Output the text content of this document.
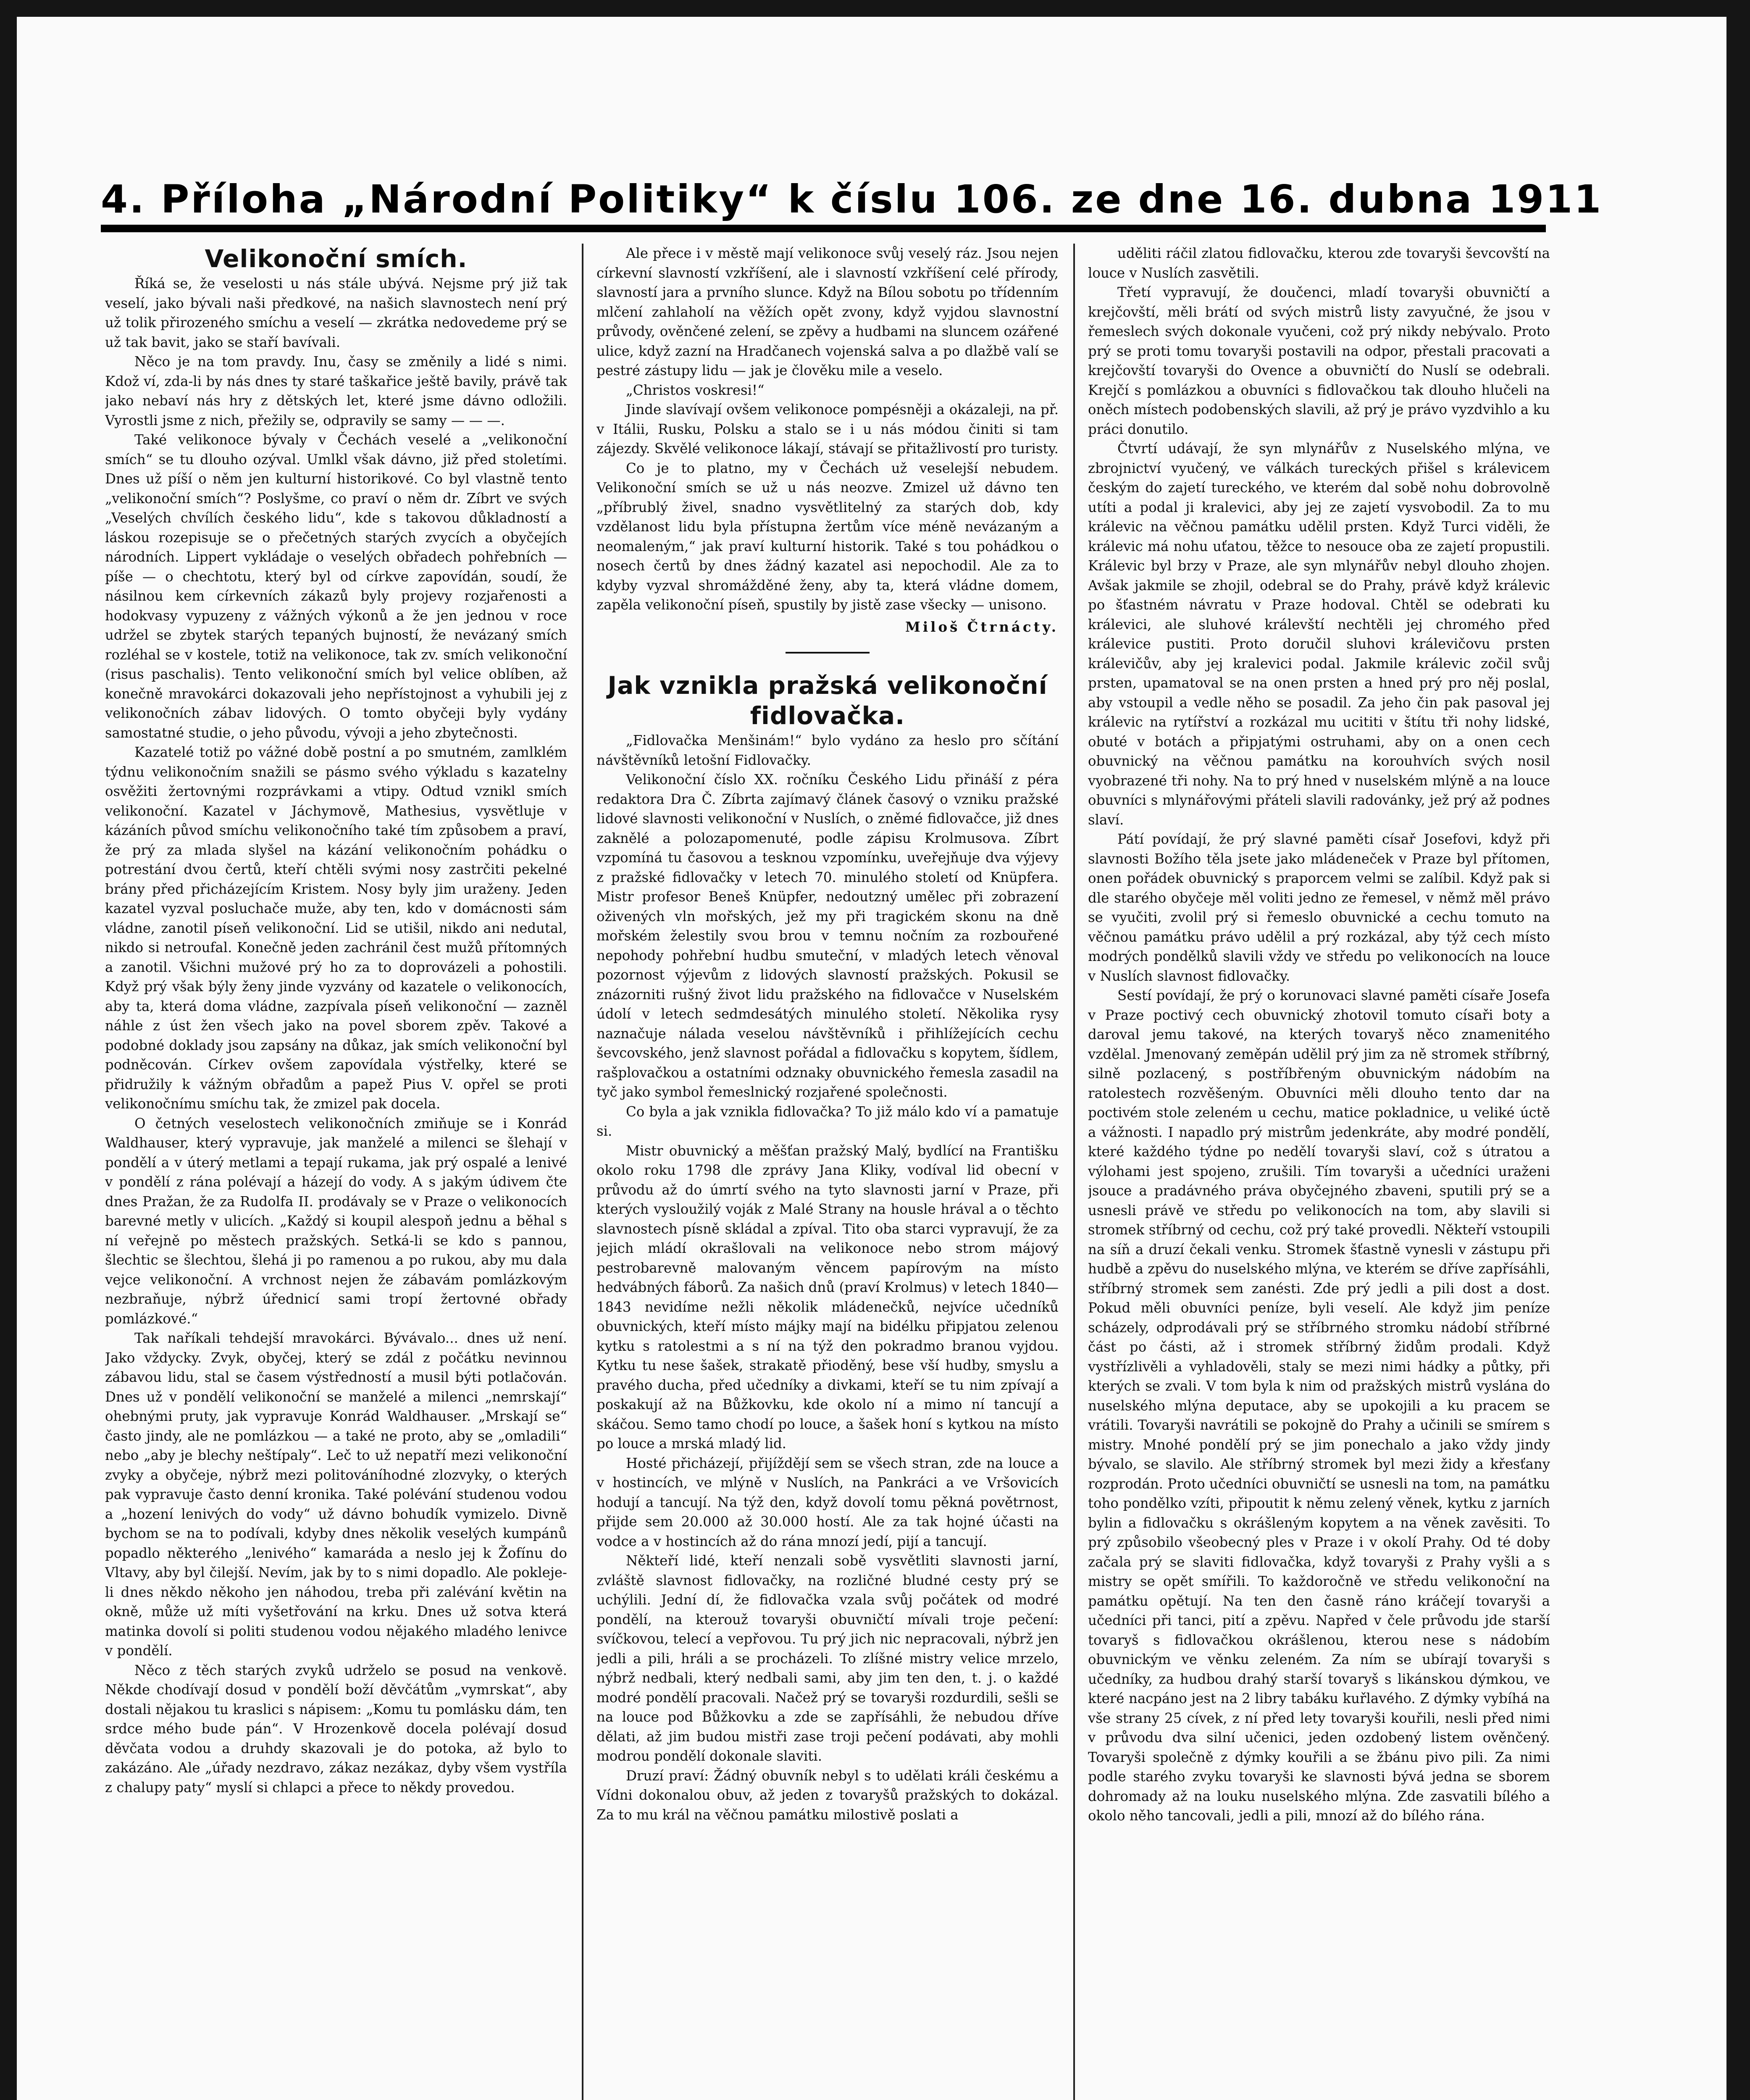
4. Příloha „Národní Politiky“ k číslu 106. ze dne 16. dubna 1911

Velikonoční smích.

Říká se, že veselosti u nás stále ubývá. Nejsme prý již tak veselí, jako bývali naši předkové, na našich slavnostech není prý už tolik přirozeného smíchu a veselí — zkrátka nedovedeme prý se už tak bavit, jako se staří bavívali.

Něco je na tom pravdy. Inu, časy se změnily a lidé s nimi. Kdož ví, zda-li by nás dnes ty staré taškařice ještě bavily, právě tak jako nebaví nás hry z dětských let, které jsme dávno odložili. Vyrostli jsme z nich, přežily se, odpravily se samy — — —.

Také velikonoce bývaly v Čechách veselé a „velikonoční smích“ se tu dlouho ozýval. Umlkl však dávno, již před stoletími. Dnes už píší o něm jen kulturní historikové. Co byl vlastně tento „velikonoční smích“? Poslyšme, co praví o něm dr. Zíbrt ve svých „Veselých chvílích českého lidu“, kde s takovou důkladností a láskou rozepisuje se o přečetných starých zvycích a obyčejích národních. Lippert vykládaje o veselých obřadech pohřebních — píše — o chechtotu, který byl od církve zapovídán, soudí, že násilnou kem církevních zákazů byly projevy rozjařenosti a hodokvasy vypuzeny z vážných výkonů a že jen jednou v roce udržel se zbytek starých tepaných bujností, že nevázaný smích rozléhal se v kostele, totiž na velikonoce, tak zv. smích velikonoční (risus paschalis). Tento velikonoční smích byl velice oblíben, až konečně mravokárci dokazovali jeho nepřístojnost a vyhubili jej z velikonočních zábav lidových. O tomto obyčeji byly vydány samostatné studie, o jeho původu, vývoji a jeho zbytečnosti.

Kazatelé totiž po vážné době postní a po smutném, zamlklém týdnu velikonočním snažili se pásmo svého výkladu s kazatelny osvěžiti žertovnými rozprávkami a vtipy. Odtud vznikl smích velikonoční. Kazatel v Jáchymově, Mathesius, vysvětluje v kázáních původ smíchu velikonočního také tím způsobem a praví, že prý za mlada slyšel na kázání velikonočním pohádku o potrestání dvou čertů, kteří chtěli svými nosy zastrčiti pekelné brány před přicházejícím Kristem. Nosy byly jim uraženy. Jeden kazatel vyzval posluchače muže, aby ten, kdo v domácnosti sám vládne, zanotil píseň velikonoční. Lid se utišil, nikdo ani nedutal, nikdo si netroufal. Konečně jeden zachránil čest mužů přítomných a zanotil. Všichni mužové prý ho za to doprovázeli a pohostili. Když prý však býly ženy jinde vyzvány od kazatele o velikonocích, aby ta, která doma vládne, zazpívala píseň velikonoční — zazněl náhle z úst žen všech jako na povel sborem zpěv. Takové a podobné doklady jsou zapsány na důkaz, jak smích velikonoční byl podněcován. Církev ovšem zapovídala výstřelky, které se přidružily k vážným obřadům a papež Pius V. opřel se proti velikonočnímu smíchu tak, že zmizel pak docela.

O četných veselostech velikonočních zmiňuje se i Konrád Waldhauser, který vypravuje, jak manželé a milenci se šlehají v pondělí a v úterý metlami a tepají rukama, jak prý ospalé a lenivé v pondělí z rána polévají a házejí do vody. A s jakým údivem čte dnes Pražan, že za Rudolfa II. prodávaly se v Praze o velikonocích barevné metly v ulicích. „Každý si koupil alespoň jednu a běhal s ní veřejně po městech pražských. Setká-li se kdo s pannou, šlechtic se šlechtou, šlehá ji po ramenou a po rukou, aby mu dala vejce velikonoční. A vrchnost nejen že zábavám pomlázkovým nezbraňuje, nýbrž úřednicí sami tropí žertovné obřady pomlázkové.“

Tak naříkali tehdejší mravokárci. Bývávalo... dnes už není. Jako vždycky. Zvyk, obyčej, který se zdál z počátku nevinnou zábavou lidu, stal se časem výstředností a musil býti potlačován. Dnes už v pondělí velikonoční se manželé a milenci „nemrskají“ ohebnými pruty, jak vypravuje Konrád Waldhauser. „Mrskají se“ často jindy, ale ne pomlázkou — a také ne proto, aby se „omladili“ nebo „aby je blechy neštípaly“. Leč to už nepatří mezi velikonoční zvyky a obyčeje, nýbrž mezi politováníhodné zlozvyky, o kterých pak vypravuje často denní kronika. Také polévání studenou vodou a „hození lenivých do vody“ už dávno bohudík vymizelo. Divně bychom se na to podívali, kdyby dnes několik veselých kumpánů popadlo některého „lenivého“ kamaráda a neslo jej k Žofínu do Vltavy, aby byl čilejší. Nevím, jak by to s nimi dopadlo. Ale pokleje-li dnes někdo někoho jen náhodou, treba při zalévání květin na okně, může už míti vyšetřování na krku. Dnes už sotva která matinka dovolí si politi studenou vodou nějakého mladého lenivce v pondělí.

Něco z těch starých zvyků udrželo se posud na venkově. Někde chodívají dosud v pondělí boží děvčátům „vymrskat“, aby dostali nějakou tu kraslici s nápisem: „Komu tu pomlásku dám, ten srdce mého bude pán“. V Hrozenkově docela polévají dosud děvčata vodou a druhdy skazovali je do potoka, až bylo to zakázáno. Ale „úřady nezdravo, zákaz nezákaz, dyby všem vystříla z chalupy paty“ myslí si chlapci a přece to někdy provedou.

Ale přece i v městě mají velikonoce svůj veselý ráz. Jsou nejen církevní slavností vzkříšení, ale i slavností vzkříšení celé přírody, slavností jara a prvního slunce. Když na Bílou sobotu po třídenním mlčení zahlaholí na věžích opět zvony, když vyjdou slavnostní průvody, ověnčené zelení, se zpěvy a hudbami na sluncem ozářené ulice, když zazní na Hradčanech vojenská salva a po dlažbě valí se pestré zástupy lidu — jak je člověku mile a veselo.

„Christos voskresi!“

Jinde slavívají ovšem velikonoce pompésněji a okázaleji, na př. v Itálii, Rusku, Polsku a stalo se i u nás módou činiti si tam zájezdy. Skvělé velikonoce lákají, stávají se přitažlivostí pro turisty.

Co je to platno, my v Čechách už veselejší nebudem. Velikonoční smích se už u nás neozve. Zmizel už dávno ten „příbrublý živel, snadno vysvětlitelný za starých dob, kdy vzdělanost lidu byla přístupna žertům více méně nevázaným a neomaleným,“ jak praví kulturní historik. Také s tou pohádkou o nosech čertů by dnes žádný kazatel asi nepochodil. Ale za to kdyby vyzval shromážděné ženy, aby ta, která vládne domem, zapěla velikonoční píseň, spustily by jistě zase všecky — unisono.

Miloš Čtrnácty.

Jak vznikla pražská velikonoční fidlovačka.

„Fidlovačka Menšinám!“ bylo vydáno za heslo pro sčítání návštěvníků letošní Fidlovačky.

Velikonoční číslo XX. ročníku Českého Lidu přináší z péra redaktora Dra Č. Zíbrta zajímavý článek časový o vzniku pražské lidové slavnosti velikonoční v Nuslích, o zněmé fidlovačce, již dnes zaknělé a polozapomenuté, podle zápisu Krolmusova. Zíbrt vzpomíná tu časovou a tesknou vzpomínku, uveřejňuje dva výjevy z pražské fidlovačky v letech 70. minulého století od Knüpfera. Mistr profesor Beneš Knüpfer, nedoutzný umělec při zobrazení oživených vln mořských, jež my při tragickém skonu na dně mořském želestily svou brou v temnu nočním za rozbouřené nepohody pohřební hudbu smuteční, v mladých letech věnoval pozornost výjevům z lidových slavností pražských. Pokusil se znázorniti rušný život lidu pražského na fidlovačce v Nuselském údolí v letech sedmdesátých minulého století. Několika rysy naznačuje nálada veselou návštěvníků i přihlížejících cechu ševcovského, jenž slavnost pořádal a fidlovačku s kopytem, šídlem, rašplovačkou a ostatními odznaky obuvnického řemesla zasadil na tyč jako symbol řemeslnický rozjařené společnosti.

Co byla a jak vznikla fidlovačka? To již málo kdo ví a pamatuje si.

Mistr obuvnický a měšťan pražský Malý, bydlící na Františku okolo roku 1798 dle zprávy Jana Kliky, vodíval lid obecní v průvodu až do úmrtí svého na tyto slavnosti jarní v Praze, při kterých vysloužilý voják z Malé Strany na housle hrával a o těchto slavnostech písně skládal a zpíval. Tito oba starci vypravují, že za jejich mládí okrašlovali na velikonoce nebo strom májový pestrobarevně malovaným věncem papírovým na místo hedvábných fáborů. Za našich dnů (praví Krolmus) v letech 1840—1843 nevidíme nežli několik mládenečků, nejvíce učedníků obuvnických, kteří místo májky mají na bidélku připjatou zelenou kytku s ratolestmi a s ní na týž den pokradmo branou vyjdou. Kytku tu nese šašek, strakatě přioděný, bese vší hudby, smyslu a pravého ducha, před učedníky a divkami, kteří se tu nim zpívají a poskakují až na Bůžkovku, kde okolo ní a mimo ní tancují a skáčou. Semo tamo chodí po louce, a šašek honí s kytkou na místo po louce a mrská mladý lid.

Hosté přicházejí, přijíždějí sem se všech stran, zde na louce a v hostincích, ve mlýně v Nuslích, na Pankráci a ve Vršovicích hodují a tancují. Na týž den, když dovolí tomu pěkná povětrnost, přijde sem 20.000 až 30.000 hostí. Ale za tak hojné účasti na vodce a v hostincích až do rána mnozí jedí, pijí a tancují.

Někteří lidé, kteří nenzali sobě vysvětliti slavnosti jarní, zvláště slavnost fidlovačky, na rozličné bludné cesty prý se uchýlili. Jední dí, že fidlovačka vzala svůj počátek od modré pondělí, na kterouž tovaryši obuvničtí mívali troje pečení: svíčkovou, telecí a vepřovou. Tu prý jich nic nepracovali, nýbrž jen jedli a pili, hráli a se procházeli. To zlíšné mistry velice mrzelo, nýbrž nedbali, který nedbali sami, aby jim ten den, t. j. o každé modré pondělí pracovali. Načež prý se tovaryši rozdurdili, sešli se na louce pod Bůžkovku a zde se zapřísáhli, že nebudou dříve dělati, až jim budou mistři zase troji pečení podávati, aby mohli modrou pondělí dokonale slaviti.

Druzí praví: Žádný obuvník nebyl s to udělati králi českému a Vídni dokonalou obuv, až jeden z tovaryšů pražských to dokázal. Za to mu král na věčnou památku milostivě poslati a

uděliti ráčil zlatou fidlovačku, kterou zde tovaryši ševcovští na louce v Nuslích zasvětili.

Třetí vypravují, že doučenci, mladí tovaryši obuvničtí a krejčovští, měli brátí od svých mistrů listy zavyučné, že jsou v řemeslech svých dokonale vyučeni, což prý nikdy nebývalo. Proto prý se proti tomu tovaryši postavili na odpor, přestali pracovati a krejčovští tovaryši do Ovence a obuvničtí do Nuslí se odebrali. Krejčí s pomlázkou a obuvníci s fidlovačkou tak dlouho hlučeli na oněch místech podobenských slavili, až prý je právo vyzdvihlo a ku práci donutilo.

Čtvrtí udávají, že syn mlynářův z Nuselského mlýna, ve zbrojnictví vyučený, ve válkách tureckých přišel s králevicem českým do zajetí tureckého, ve kterém dal sobě nohu dobrovolně utíti a podal ji kralevici, aby jej ze zajetí vysvobodil. Za to mu králevic na věčnou památku udělil prsten. Když Turci viděli, že králevic má nohu uťatou, těžce to nesouce oba ze zajetí propustili. Králevic byl brzy v Praze, ale syn mlynářův nebyl dlouho zhojen. Avšak jakmile se zhojil, odebral se do Prahy, právě když králevic po šťastném návratu v Praze hodoval. Chtěl se odebrati ku králevici, ale sluhové králevští nechtěli jej chromého před králevice pustiti. Proto doručil sluhovi králevičovu prsten králevičův, aby jej kralevici podal. Jakmile králevic zočil svůj prsten, upamatoval se na onen prsten a hned prý pro něj poslal, aby vstoupil a vedle něho se posadil. Za jeho čin pak pasoval jej králevic na rytířství a rozkázal mu ucititi v štítu tři nohy lidské, obuté v botách a připjatými ostruhami, aby on a onen cech obuvnický na věčnou památku na korouhvích svých nosil vyobrazené tři nohy. Na to prý hned v nuselském mlýně a na louce obuvníci s mlynářovými přáteli slavili radovánky, jež prý až podnes slaví.

Pátí povídají, že prý slavné paměti císař Josefovi, když při slavnosti Božího těla jsete jako mládeneček v Praze byl přítomen, onen pořádek obuvnický s praporcem velmi se zalíbil. Když pak si dle starého obyčeje měl voliti jedno ze řemesel, v němž měl právo se vyučiti, zvolil prý si řemeslo obuvnické a cechu tomuto na věčnou památku právo udělil a prý rozkázal, aby týž cech místo modrých pondělků slavili vždy ve středu po velikonocích na louce v Nuslích slavnost fidlovačky.

Sestí povídají, že prý o korunovaci slavné paměti císaře Josefa v Praze poctivý cech obuvnický zhotovil tomuto císaři boty a daroval jemu takové, na kterých tovaryš něco znamenitého vzdělal. Jmenovaný zeměpán udělil prý jim za ně stromek stříbrný, silně pozlacený, s postříbřeným obuvnickým nádobím na ratolestech rozvěšeným. Obuvníci měli dlouho tento dar na poctivém stole zeleném u cechu, matice pokladnice, u veliké úctě a vážnosti. I napadlo prý mistrům jedenkráte, aby modré pondělí, které každého týdne po nedělí tovaryši slaví, což s útratou a výlohami jest spojeno, zrušili. Tím tovaryši a učedníci uraženi jsouce a pradávného práva obyčejného zbaveni, sputili prý se a usnesli právě ve středu po velikonocích na tom, aby slavili si stromek stříbrný od cechu, což prý také provedli. Někteří vstoupili na síň a druzí čekali venku. Stromek šťastně vynesli v zástupu při hudbě a zpěvu do nuselského mlýna, ve kterém se dříve zapřísáhli, stříbrný stromek sem zanésti. Zde prý jedli a pili dost a dost. Pokud měli obuvníci peníze, byli veselí. Ale když jim peníze scházely, odprodávali prý se stříbrného stromku nádobí stříbrné část po části, až i stromek stříbrný židům prodali. Když vystřízlivěli a vyhladověli, staly se mezi nimi hádky a půtky, při kterých se zvali. V tom byla k nim od pražských mistrů vyslána do nuselského mlýna deputace, aby se upokojili a ku pracem se vrátili. Tovaryši navrátili se pokojně do Prahy a učinili se smírem s mistry. Mnohé pondělí prý se jim ponechalo a jako vždy jindy bývalo, se slavilo. Ale stříbrný stromek byl mezi židy a křesťany rozprodán. Proto učedníci obuvničtí se usnesli na tom, na památku toho pondělko vzíti, připoutit k němu zelený věnek, kytku z jarních bylin a fidlovačku s okrášleným kopytem a na věnek zavěsiti. To prý způsobilo všeobecný ples v Praze i v okolí Prahy. Od té doby začala prý se slaviti fidlovačka, když tovaryši z Prahy vyšli a s mistry se opět smířili. To každoročně ve středu velikonoční na památku opětují. Na ten den časně ráno kráčejí tovaryši a učedníci při tanci, pití a zpěvu. Napřed v čele průvodu jde starší tovaryš s fidlovačkou okrášlenou, kterou nese s nádobím obuvnickým ve věnku zeleném. Za ním se ubírají tovaryši s učedníky, za hudbou drahý starší tovaryš s likánskou dýmkou, ve které nacpáno jest na 2 libry tabáku kuřlavého. Z dýmky vybíhá na vše strany 25 cívek, z ní před lety tovaryši kouřili, nesli před nimi v průvodu dva silní učenici, jeden ozdobený listem ověnčený. Tovaryši společně z dýmky kouřili a se žbánu pivo pili. Za nimi podle starého zvyku tovaryši ke slavnosti bývá jedna se sborem dohromady až na louku nuselského mlýna. Zde zasvatili bílého a okolo něho tancovali, jedli a pili, mnozí až do bílého rána.
